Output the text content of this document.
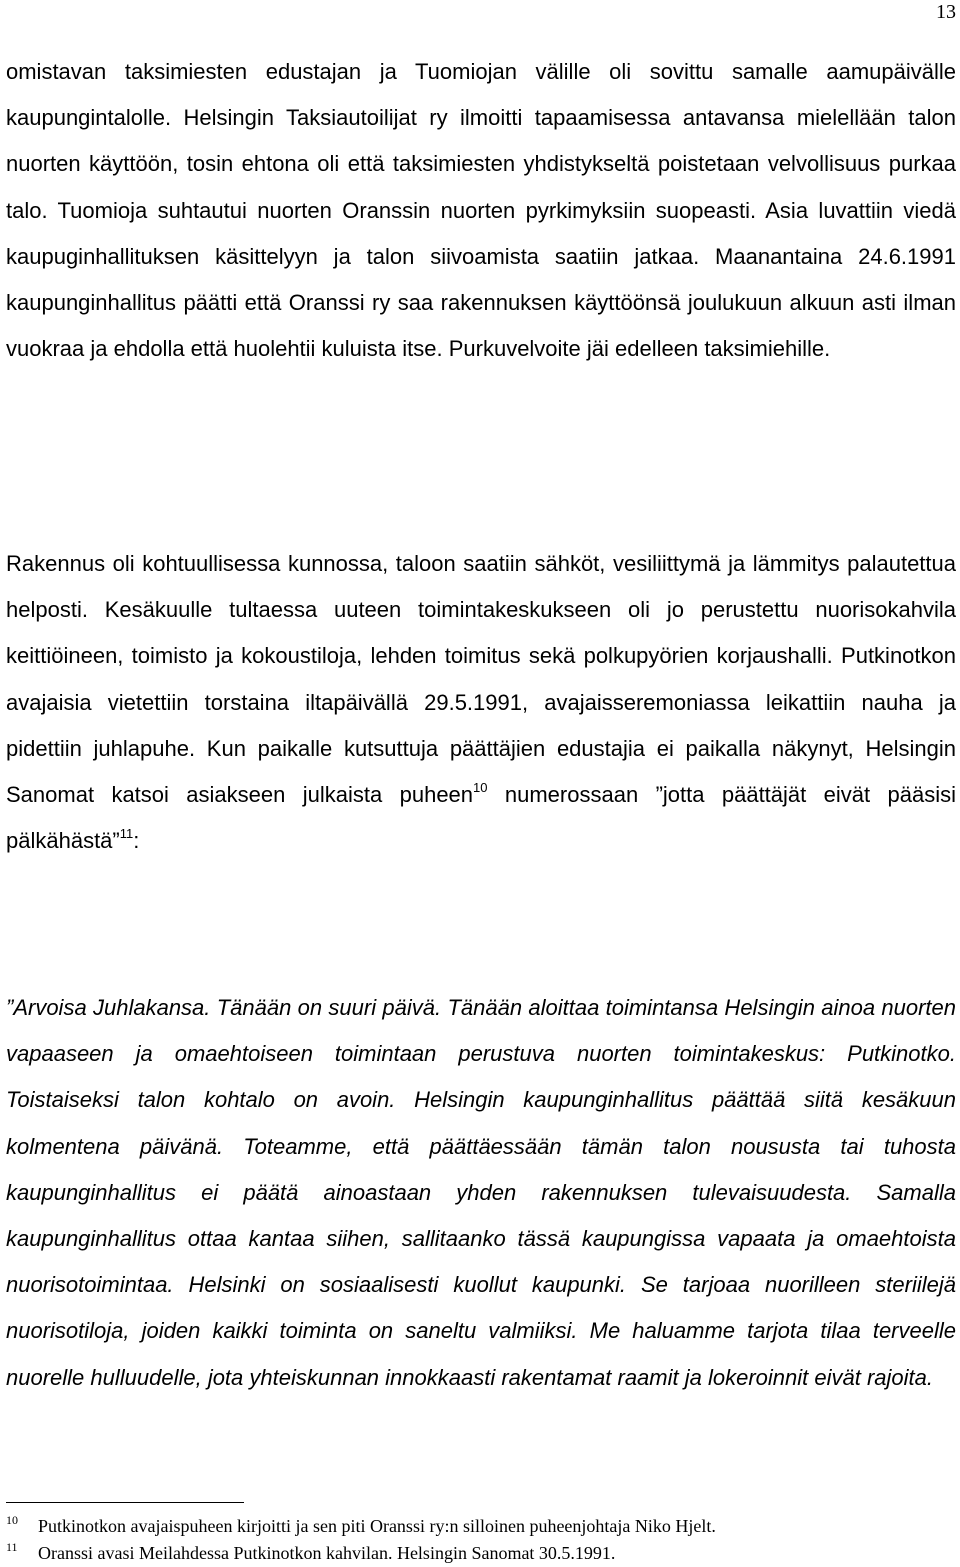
13

omistavan taksimiesten edustajan ja Tuomiojan välille oli sovittu samalle aamupäivälle kaupungintalolle. Helsingin Taksiautoilijat ry ilmoitti tapaamisessa antavansa mielellään talon nuorten käyttöön, tosin ehtona oli että taksimiesten yhdistykseltä poistetaan velvollisuus purkaa talo. Tuomioja suhtautui nuorten Oranssin nuorten pyrkimyksiin suopeasti. Asia luvattiin viedä kaupuginhallituksen käsittelyyn ja talon siivoamista saatiin jatkaa. Maanantaina 24.6.1991 kaupunginhallitus päätti että Oranssi ry saa rakennuksen käyttöönsä joulukuun alkuun asti ilman vuokraa ja ehdolla että huolehtii kuluista itse. Purkuvelvoite jäi edelleen taksimiehille.

Rakennus oli kohtuullisessa kunnossa, taloon saatiin sähköt, vesiliittymä ja lämmitys palautettua helposti. Kesäkuulle tultaessa uuteen toimintakeskukseen oli jo perustettu nuorisokahvila keittiöineen, toimisto ja kokoustiloja, lehden toimitus sekä polkupyörien korjaushalli. Putkinotkon avajaisia vietettiin torstaina iltapäivällä 29.5.1991, avajaisseremoniassa leikattiin nauha ja pidettiin juhlapuhe. Kun paikalle kutsuttuja päättäjien edustajia ei paikalla näkynyt, Helsingin Sanomat katsoi asiakseen julkaista puheen$^{10}$ numerossaan ”jotta päättäjät eivät pääsisi pälkähästä”$^{11}$:

”Arvoisa Juhlakansa. Tänään on suuri päivä. Tänään aloittaa toimintansa Helsingin ainoa nuorten vapaaseen ja omaehtoiseen toimintaan perustuva nuorten toimintakeskus: Putkinotko. Toistaiseksi talon kohtalo on avoin. Helsingin kaupunginhallitus päättää siitä kesäkuun kolmentena päivänä. Toteamme, että päättäessään tämän talon noususta tai tuhosta kaupunginhallitus ei päätä ainoastaan yhden rakennuksen tulevaisuudesta. Samalla kaupunginhallitus ottaa kantaa siihen, sallitaanko tässä kaupungissa vapaata ja omaehtoista nuorisotoimintaa. Helsinki on sosiaalisesti kuollut kaupunki. Se tarjoaa nuorilleen steriilejä nuorisotiloja, joiden kaikki toiminta on saneltu valmiiksi. Me haluamme tarjota tilaa terveelle nuorelle hulluudelle, jota yhteiskunnan innokkaasti rakentamat raamit ja lokeroinnit eivät rajoita.

10 Putkinotkon avajaispuheen kirjoitti ja sen piti Oranssi ry:n silloinen puheenjohtaja Niko Hjelt.
11 Oranssi avasi Meilahdessa Putkinotkon kahvilan. Helsingin Sanomat 30.5.1991.
